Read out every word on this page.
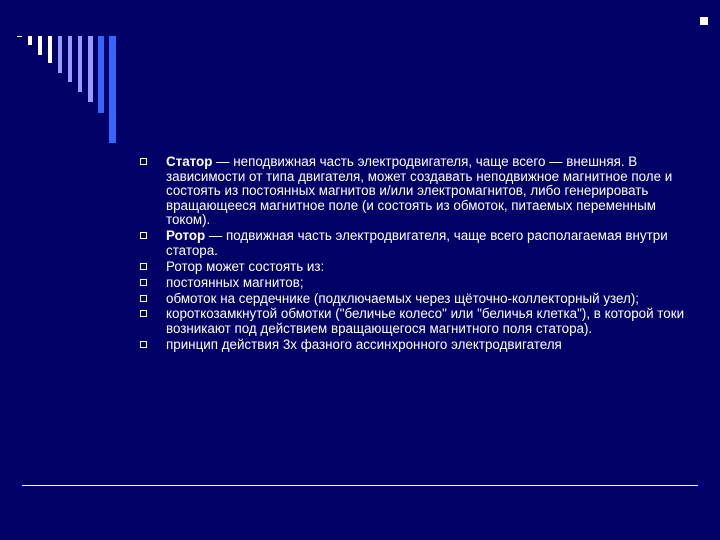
Статор — неподвижная часть электродвигателя, чаще всего — внешняя. В зависимости от типа двигателя, может создавать неподвижное магнитное поле и состоять из постоянных магнитов и/или электромагнитов, либо генерировать вращающееся магнитное поле (и состоять из обмоток, питаемых переменным током).
Ротор — подвижная часть электродвигателя, чаще всего располагаемая внутри статора.
Ротор может состоять из:
постоянных магнитов;
обмоток на сердечнике (подключаемых через щёточно-коллекторный узел);
короткозамкнутой обмотки ("беличье колесо" или "беличья клетка"), в которой токи возникают под действием вращающегося магнитного поля статора).
принцип действия 3х фазного ассинхронного электродвигателя
